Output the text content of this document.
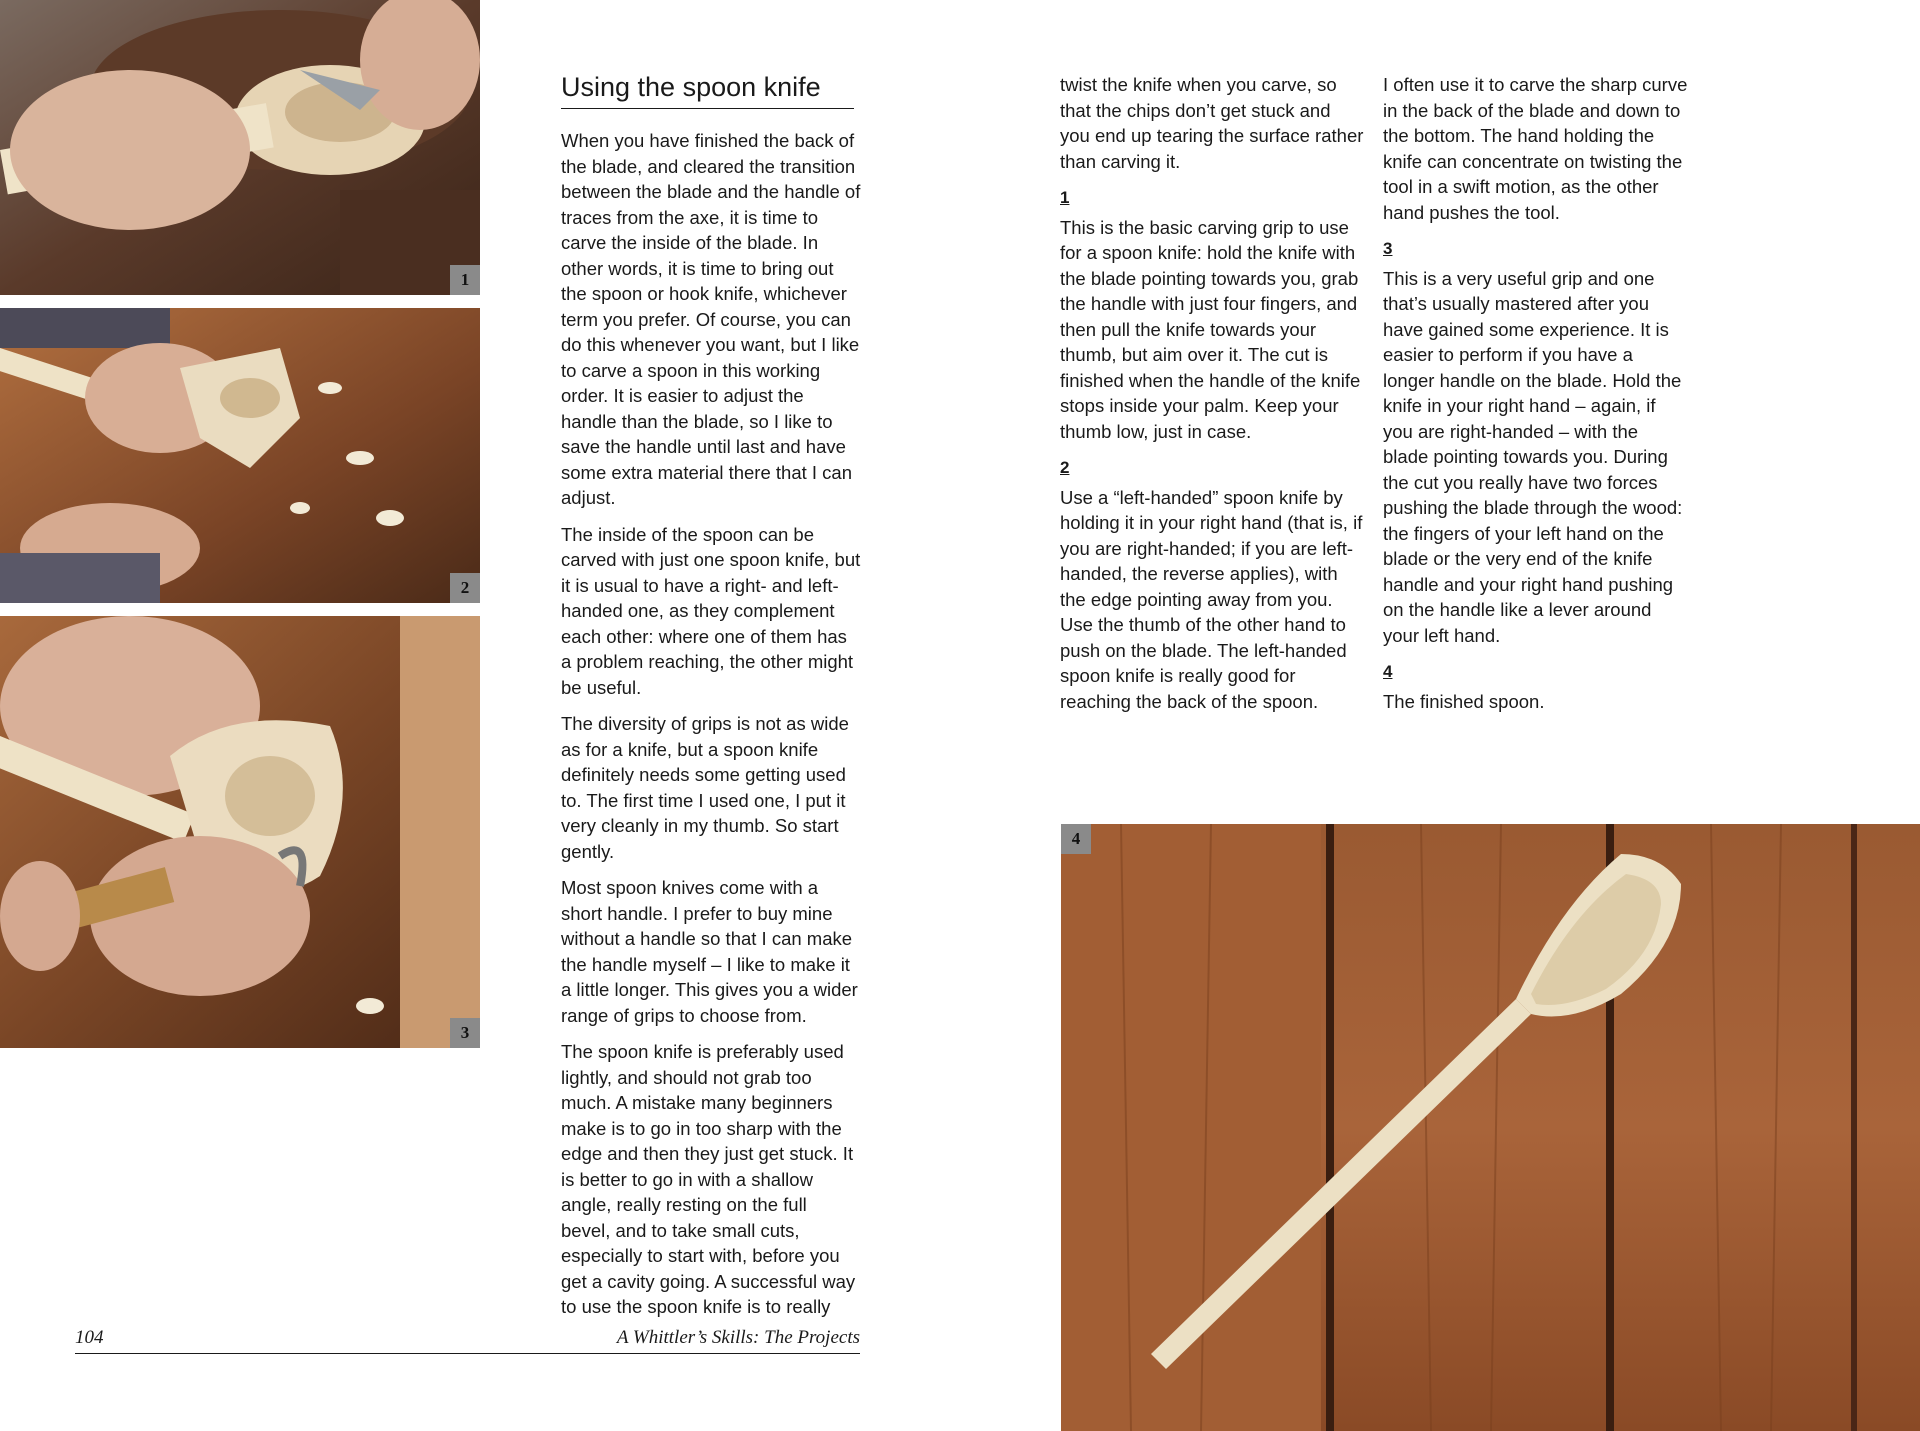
1
2
3
Using the spoon knife

When you have finished the back of the blade, and cleared the transition between the blade and the handle of traces from the axe, it is time to carve the inside of the blade. In other words, it is time to bring out the spoon or hook knife, whichever term you prefer. Of course, you can do this whenever you want, but I like to carve a spoon in this working order. It is easier to adjust the handle than the blade, so I like to save the handle until last and have some extra material there that I can adjust.

The inside of the spoon can be carved with just one spoon knife, but it is usual to have a right- and left-handed one, as they complement each other: where one of them has a problem reaching, the other might be useful.

The diversity of grips is not as wide as for a knife, but a spoon knife definitely needs some getting used to. The first time I used one, I put it very cleanly in my thumb. So start gently.

Most spoon knives come with a short handle. I prefer to buy mine without a handle so that I can make the handle myself – I like to make it a little longer. This gives you a wider range of grips to choose from.

The spoon knife is preferably used lightly, and should not grab too much. A mistake many beginners make is to go in too sharp with the edge and then they just get stuck. It is better to go in with a shallow angle, really resting on the full bevel, and to take small cuts, especially to start with, before you get a cavity going. A successful way to use the spoon knife is to really

twist the knife when you carve, so that the chips don’t get stuck and you end up tearing the surface rather than carving it.

1

This is the basic carving grip to use for a spoon knife: hold the knife with the blade pointing towards you, grab the handle with just four fingers, and then pull the knife towards your thumb, but aim over it. The cut is finished when the handle of the knife stops inside your palm. Keep your thumb low, just in case.

2

Use a “left-handed” spoon knife by holding it in your right hand (that is, if you are right-handed; if you are left-handed, the reverse applies), with the edge pointing away from you. Use the thumb of the other hand to push on the blade. The left-handed spoon knife is really good for reaching the back of the spoon.

I often use it to carve the sharp curve in the back of the blade and down to the bottom. The hand holding the knife can concentrate on twisting the tool in a swift motion, as the other hand pushes the tool.

3

This is a very useful grip and one that’s usually mastered after you have gained some experience. It is easier to perform if you have a longer handle on the blade. Hold the knife in your right hand – again, if you are right-handed – with the blade pointing towards you. During the cut you really have two forces pushing the blade through the wood: the fingers of your left hand on the blade or the very end of the knife handle and your right hand pushing on the handle like a lever around your left hand.

4

The finished spoon.

4
104	A Whittler’s Skills: The Projects
